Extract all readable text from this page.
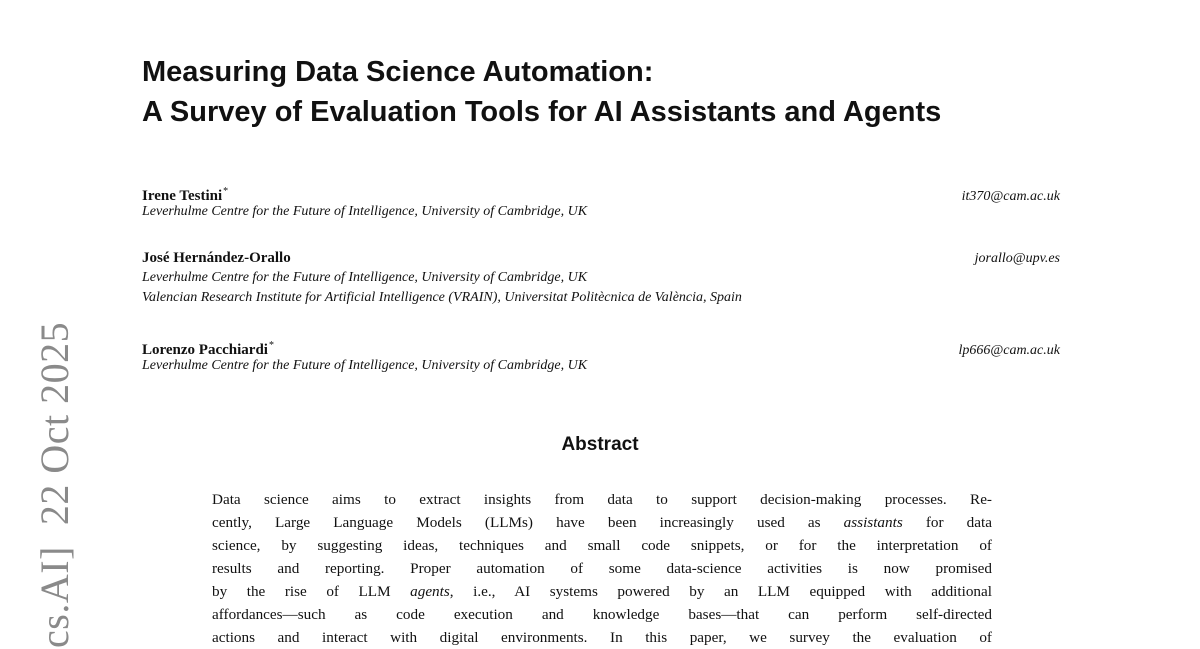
cs.AI]  22 Oct 2025
Measuring Data Science Automation:
A Survey of Evaluation Tools for AI Assistants and Agents
Irene Testini*	it370@cam.ac.uk
Leverhulme Centre for the Future of Intelligence, University of Cambridge, UK
José Hernández-Orallo	jorallo@upv.es
Leverhulme Centre for the Future of Intelligence, University of Cambridge, UK
Valencian Research Institute for Artificial Intelligence (VRAIN), Universitat Politècnica de València, Spain
Lorenzo Pacchiardi*	lp666@cam.ac.uk
Leverhulme Centre for the Future of Intelligence, University of Cambridge, UK
Abstract
Data science aims to extract insights from data to support decision-making processes. Re-
cently, Large Language Models (LLMs) have been increasingly used as assistants for data
science, by suggesting ideas, techniques and small code snippets, or for the interpretation of
results and reporting. Proper automation of some data-science activities is now promised
by the rise of LLM agents, i.e., AI systems powered by an LLM equipped with additional
affordances—such as code execution and knowledge bases—that can perform self-directed
actions and interact with digital environments. In this paper, we survey the evaluation of
